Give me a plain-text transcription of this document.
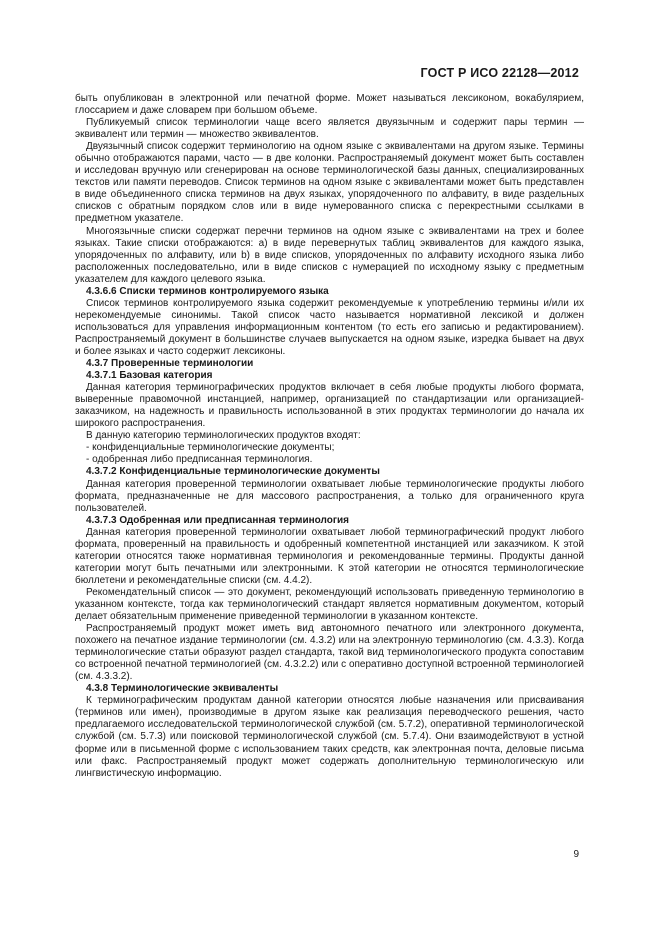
ГОСТ Р ИСО 22128—2012

быть опубликован в электронной или печатной форме. Может называться лексиконом, вокабулярием, глоссарием и даже словарем при большом объеме.

Публикуемый список терминологии чаще всего является двуязычным и содержит пары термин — эквивалент или термин — множество эквивалентов.

Двуязычный список содержит терминологию на одном языке с эквивалентами на другом языке. Термины обычно отображаются парами, часто — в две колонки. Распространяемый документ может быть составлен и исследован вручную или сгенерирован на основе терминологической базы данных, специализированных текстов или памяти переводов. Список терминов на одном языке с эквивалентами может быть представлен в виде объединенного списка терминов на двух языках, упорядоченного по алфавиту, в виде раздельных списков с обратным порядком слов или в виде нумерованного списка с перекрестными ссылками в предметном указателе.

Многоязычные списки содержат перечни терминов на одном языке с эквивалентами на трех и более языках. Такие списки отображаются: а) в виде перевернутых таблиц эквивалентов для каждого языка, упорядоченных по алфавиту, или b) в виде списков, упорядоченных по алфавиту исходного языка либо расположенных последовательно, или в виде списков с нумерацией по исходному языку с предметным указателем для каждого целевого языка.

4.3.6.6 Списки терминов контролируемого языка

Список терминов контролируемого языка содержит рекомендуемые к употреблению термины и/или их нерекомендуемые синонимы. Такой список часто называется нормативной лексикой и должен использоваться для управления информационным контентом (то есть его записью и редактированием). Распространяемый документ в большинстве случаев выпускается на одном языке, изредка бывает на двух и более языках и часто содержит лексиконы.

4.3.7 Проверенные терминологии

4.3.7.1 Базовая категория

Данная категория терминографических продуктов включает в себя любые продукты любого формата, выверенные правомочной инстанцией, например, организацией по стандартизации или организацией-заказчиком, на надежность и правильность использованной в этих продуктах терминологии до начала их широкого распространения.

В данную категорию терминологических продуктов входят:

- конфиденциальные терминологические документы;

- одобренная либо предписанная терминология.

4.3.7.2 Конфиденциальные терминологические документы

Данная категория проверенной терминологии охватывает любые терминологические продукты любого формата, предназначенные не для массового распространения, а только для ограниченного круга пользователей.

4.3.7.3 Одобренная или предписанная терминология

Данная категория проверенной терминологии охватывает любой терминографический продукт любого формата, проверенный на правильность и одобренный компетентной инстанцией или заказчиком. К этой категории относятся также нормативная терминология и рекомендованные термины. Продукты данной категории могут быть печатными или электронными. К этой категории не относятся терминологические бюллетени и рекомендательные списки (см. 4.4.2).

Рекомендательный список — это документ, рекомендующий использовать приведенную терминологию в указанном контексте, тогда как терминологический стандарт является нормативным документом, который делает обязательным применение приведенной терминологии в указанном контексте.

Распространяемый продукт может иметь вид автономного печатного или электронного документа, похожего на печатное издание терминологии (см. 4.3.2) или на электронную терминологию (см. 4.3.3). Когда терминологические статьи образуют раздел стандарта, такой вид терминологического продукта сопоставим со встроенной печатной терминологией (см. 4.3.2.2) или с оперативно доступной встроенной терминологией (см. 4.3.3.2).

4.3.8 Терминологические эквиваленты

К терминографическим продуктам данной категории относятся любые назначения или присваивания (терминов или имен), производимые в другом языке как реализация переводческого решения, часто предлагаемого исследовательской терминологической службой (см. 5.7.2), оперативной терминологической службой (см. 5.7.3) или поисковой терминологической службой (см. 5.7.4). Они взаимодействуют в устной форме или в письменной форме с использованием таких средств, как электронная почта, деловые письма или факс. Распространяемый продукт может содержать дополнительную терминологическую или лингвистическую информацию.

9
